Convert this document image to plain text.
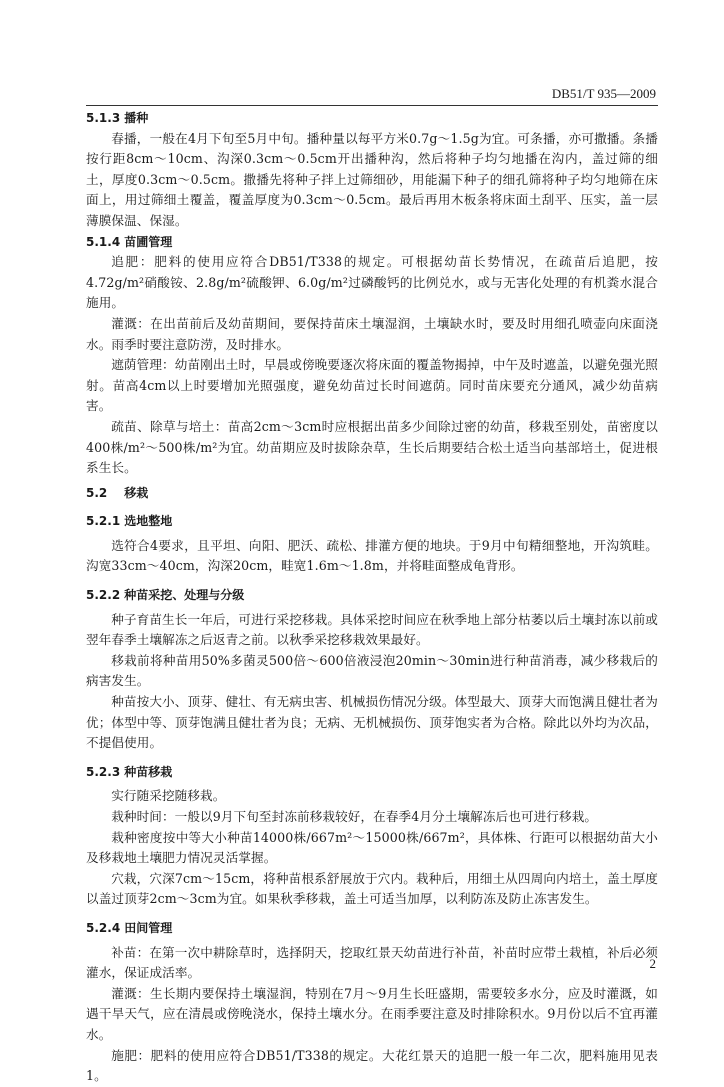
DB51/T 935—2009
5.1.3 播种

春播，一般在4月下旬至5月中旬。播种量以每平方米0.7g～1.5g为宜。可条播，亦可撒播。条播按行距8cm～10cm、沟深0.3cm～0.5cm开出播种沟，然后将种子均匀地播在沟内，盖过筛的细土，厚度0.3cm～0.5cm。撒播先将种子拌上过筛细砂，用能漏下种子的细孔筛将种子均匀地筛在床面上，用过筛细土覆盖，覆盖厚度为0.3cm～0.5cm。最后再用木板条将床面土刮平、压实，盖一层薄膜保温、保湿。

5.1.4 苗圃管理

追肥：肥料的使用应符合DB51/T338的规定。可根据幼苗长势情况，在疏苗后追肥，按4.72g/m²硝酸铵、2.8g/m²硫酸钾、6.0g/m²过磷酸钙的比例兑水，或与无害化处理的有机粪水混合施用。

灌溉：在出苗前后及幼苗期间，要保持苗床土壤湿润，土壤缺水时，要及时用细孔喷壶向床面浇水。雨季时要注意防涝，及时排水。

遮荫管理：幼苗刚出土时，早晨或傍晚要逐次将床面的覆盖物揭掉，中午及时遮盖，以避免强光照射。苗高4cm以上时要增加光照强度，避免幼苗过长时间遮荫。同时苗床要充分通风，减少幼苗病害。

疏苗、除草与培土：苗高2cm～3cm时应根据出苗多少间除过密的幼苗，移栽至别处，苗密度以400株/m²～500株/m²为宜。幼苗期应及时拔除杂草，生长后期要结合松土适当向基部培土，促进根系生长。

5.2 移栽
5.2.1 选地整地

选符合4要求，且平坦、向阳、肥沃、疏松、排灌方便的地块。于9月中旬精细整地，开沟筑畦。沟宽33cm～40cm，沟深20cm，畦宽1.6m～1.8m，并将畦面整成龟背形。

5.2.2 种苗采挖、处理与分级

种子育苗生长一年后，可进行采挖移栽。具体采挖时间应在秋季地上部分枯萎以后土壤封冻以前或翌年春季土壤解冻之后返青之前。以秋季采挖移栽效果最好。

移栽前将种苗用50%多菌灵500倍～600倍液浸泡20min～30min进行种苗消毒，减少移栽后的病害发生。

种苗按大小、顶芽、健壮、有无病虫害、机械损伤情况分级。体型最大、顶芽大而饱满且健壮者为优；体型中等、顶芽饱满且健壮者为良；无病、无机械损伤、顶芽饱实者为合格。除此以外均为次品，不提倡使用。

5.2.3 种苗移栽

实行随采挖随移栽。

栽种时间：一般以9月下旬至封冻前移栽较好，在春季4月分土壤解冻后也可进行移栽。

栽种密度按中等大小种苗14000株/667m²～15000株/667m²，具体株、行距可以根据幼苗大小及移栽地土壤肥力情况灵活掌握。

穴栽，穴深7cm～15cm，将种苗根系舒展放于穴内。栽种后，用细土从四周向内培土，盖土厚度以盖过顶芽2cm～3cm为宜。如果秋季移栽，盖土可适当加厚，以利防冻及防止冻害发生。

5.2.4 田间管理

补苗：在第一次中耕除草时，选择阴天，挖取红景天幼苗进行补苗，补苗时应带土栽植，补后必须灌水，保证成活率。

灌溉：生长期内要保持土壤湿润，特别在7月～9月生长旺盛期，需要较多水分，应及时灌溉，如遇干旱天气，应在清晨或傍晚浇水，保持土壤水分。在雨季要注意及时排除积水。9月份以后不宜再灌水。

施肥：肥料的使用应符合DB51/T338的规定。大花红景天的追肥一般一年二次，肥料施用见表1。

2
